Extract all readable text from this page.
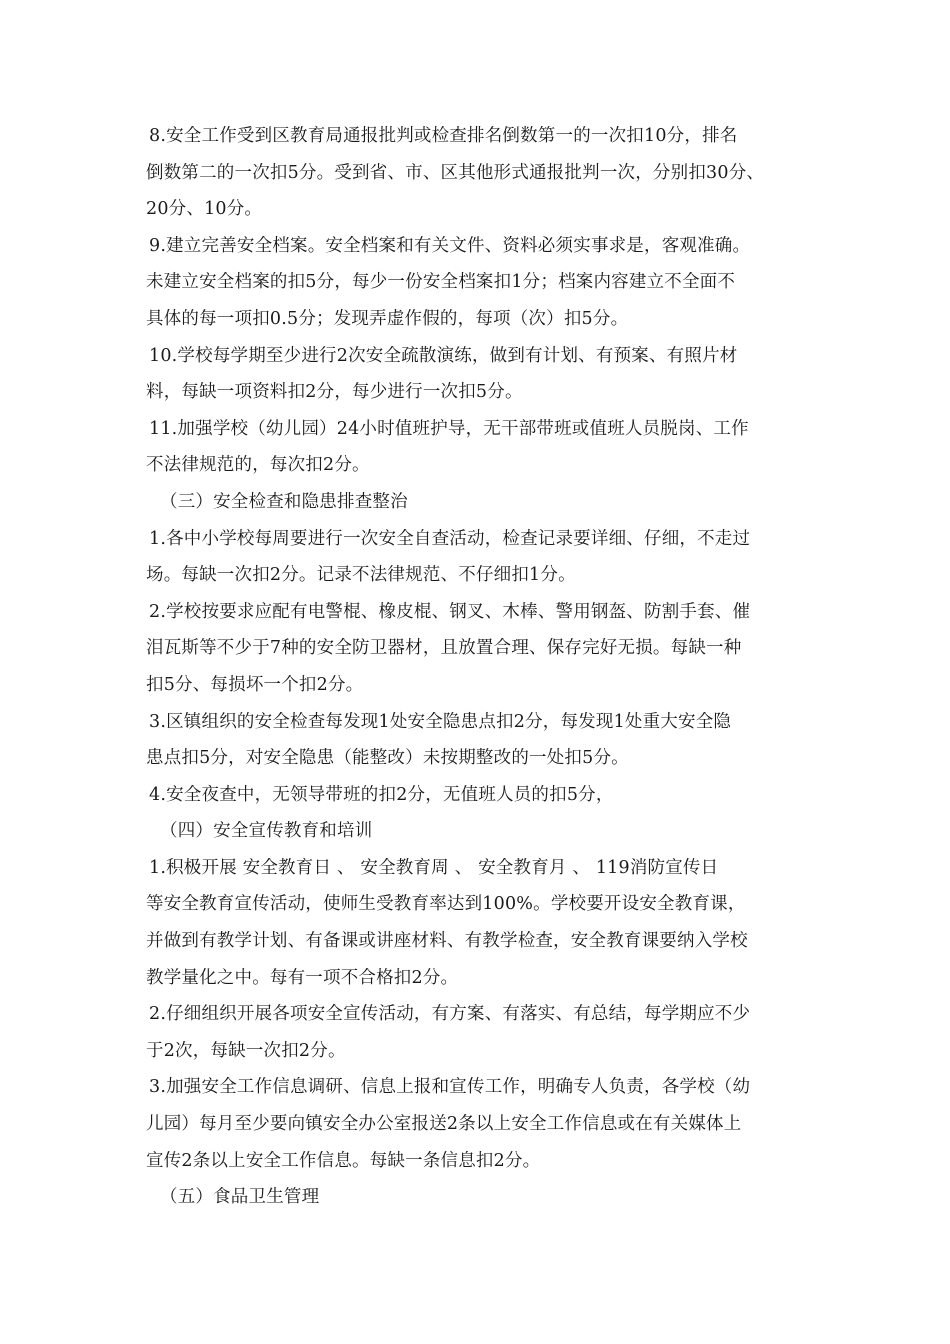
8.安全工作受到区教育局通报批判或检查排名倒数第一的一次扣10分，排名
倒数第二的一次扣5分。受到省、市、区其他形式通报批判一次，分别扣30分、
20分、10分。
9.建立完善安全档案。安全档案和有关文件、资料必须实事求是，客观准确。
未建立安全档案的扣5分，每少一份安全档案扣1分；档案内容建立不全面不
具体的每一项扣0.5分；发现弄虚作假的，每项（次）扣5分。
10.学校每学期至少进行2次安全疏散演练，做到有计划、有预案、有照片材
料，每缺一项资料扣2分，每少进行一次扣5分。
11.加强学校（幼儿园）24小时值班护导，无干部带班或值班人员脱岗、工作
不法律规范的，每次扣2分。
（三）安全检查和隐患排查整治
1.各中小学校每周要进行一次安全自查活动，检查记录要详细、仔细，不走过
场。每缺一次扣2分。记录不法律规范、不仔细扣1分。
2.学校按要求应配有电警棍、橡皮棍、钢叉、木棒、警用钢盔、防割手套、催
泪瓦斯等不少于7种的安全防卫器材，且放置合理、保存完好无损。每缺一种
扣5分、每损坏一个扣2分。
3.区镇组织的安全检查每发现1处安全隐患点扣2分，每发现1处重大安全隐
患点扣5分，对安全隐患（能整改）未按期整改的一处扣5分。
4.安全夜查中，无领导带班的扣2分，无值班人员的扣5分，
（四）安全宣传教育和培训
1.积极开展 安全教育日 、 安全教育周 、 安全教育月 、 119消防宣传日
等安全教育宣传活动，使师生受教育率达到100%。学校要开设安全教育课，
并做到有教学计划、有备课或讲座材料、有教学检查，安全教育课要纳入学校
教学量化之中。每有一项不合格扣2分。
2.仔细组织开展各项安全宣传活动，有方案、有落实、有总结，每学期应不少
于2次，每缺一次扣2分。
3.加强安全工作信息调研、信息上报和宣传工作，明确专人负责，各学校（幼
儿园）每月至少要向镇安全办公室报送2条以上安全工作信息或在有关媒体上
宣传2条以上安全工作信息。每缺一条信息扣2分。
（五）食品卫生管理
